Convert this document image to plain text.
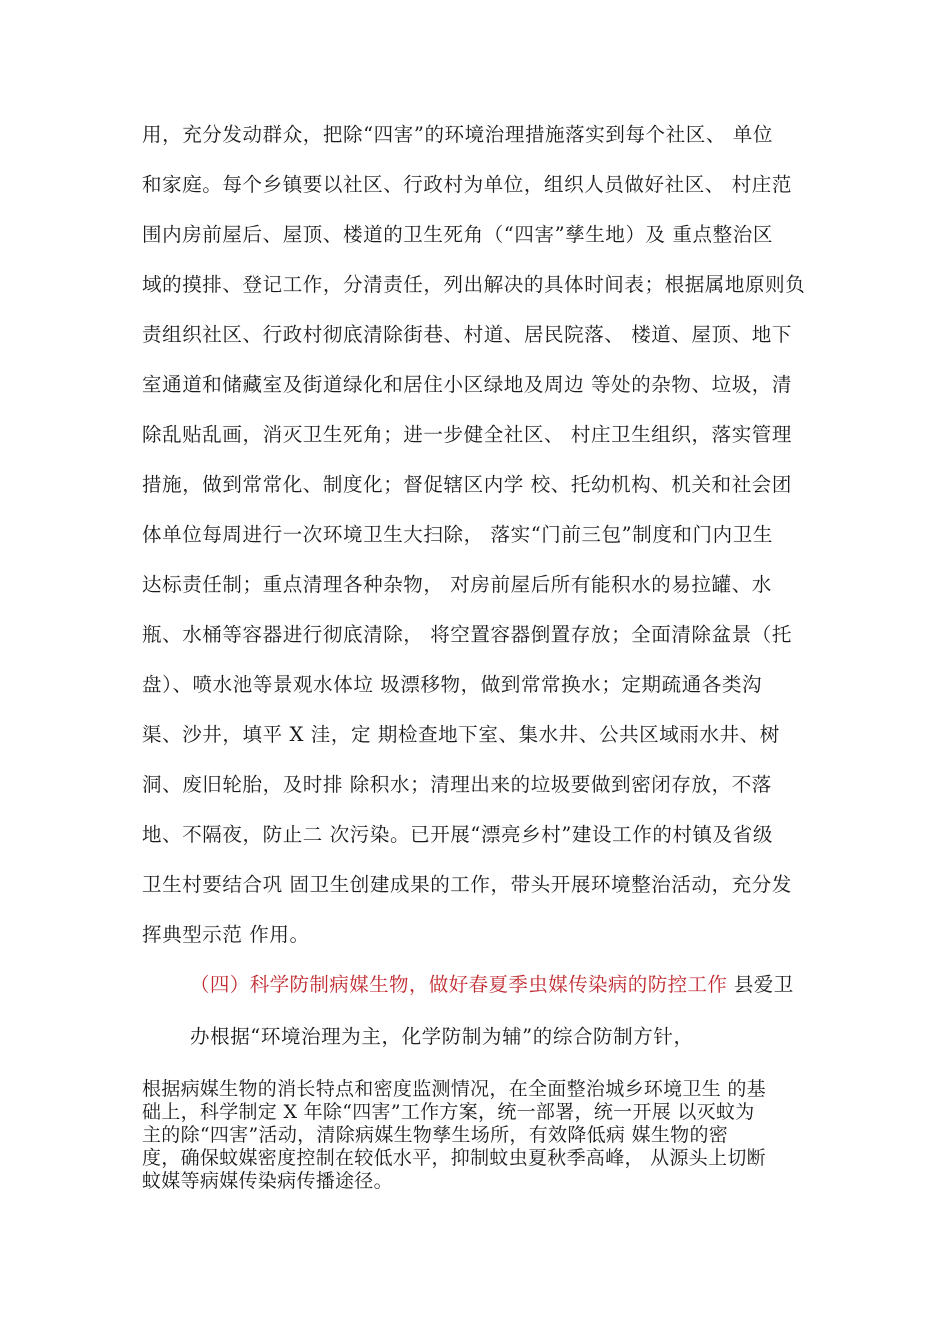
用，充分发动群众，把除“四害”的环境治理措施落实到每个社区、 单位
和家庭。每个乡镇要以社区、行政村为单位，组织人员做好社区、 村庄范
围内房前屋后、屋顶、楼道的卫生死角（“四害”孳生地）及 重点整治区
域的摸排、登记工作，分清责任，列出解决的具体时间表；根据属地原则负
责组织社区、行政村彻底清除街巷、村道、居民院落、 楼道、屋顶、地下
室通道和储藏室及街道绿化和居住小区绿地及周边 等处的杂物、垃圾，清
除乱贴乱画，消灭卫生死角；进一步健全社区、 村庄卫生组织，落实管理
措施，做到常常化、制度化；督促辖区内学 校、托幼机构、机关和社会团
体单位每周进行一次环境卫生大扫除， 落实“门前三包”制度和门内卫生
达标责任制；重点清理各种杂物， 对房前屋后所有能积水的易拉罐、水
瓶、水桶等容器进行彻底清除， 将空置容器倒置存放；全面清除盆景（托
盘）、喷水池等景观水体垃 圾漂移物，做到常常换水；定期疏通各类沟
渠、沙井，填平 X 洼，定 期检查地下室、集水井、公共区域雨水井、树
洞、废旧轮胎，及时排 除积水；清理出来的垃圾要做到密闭存放，不落
地、不隔夜，防止二 次污染。已开展“漂亮乡村”建设工作的村镇及省级
卫生村要结合巩 固卫生创建成果的工作，带头开展环境整治活动，充分发
挥典型示范 作用。
（四）科学防制病媒生物，做好春夏季虫媒传染病的防控工作 县爱卫
办根据“环境治理为主，化学防制为辅”的综合防制方针，
根据病媒生物的消长特点和密度监测情况，在全面整治城乡环境卫生 的基
础上，科学制定 X 年除“四害”工作方案，统一部署，统一开展 以灭蚊为
主的除“四害”活动，清除病媒生物孳生场所，有效降低病 媒生物的密
度，确保蚊媒密度控制在较低水平，抑制蚊虫夏秋季高峰， 从源头上切断
蚊媒等病媒传染病传播途径。
